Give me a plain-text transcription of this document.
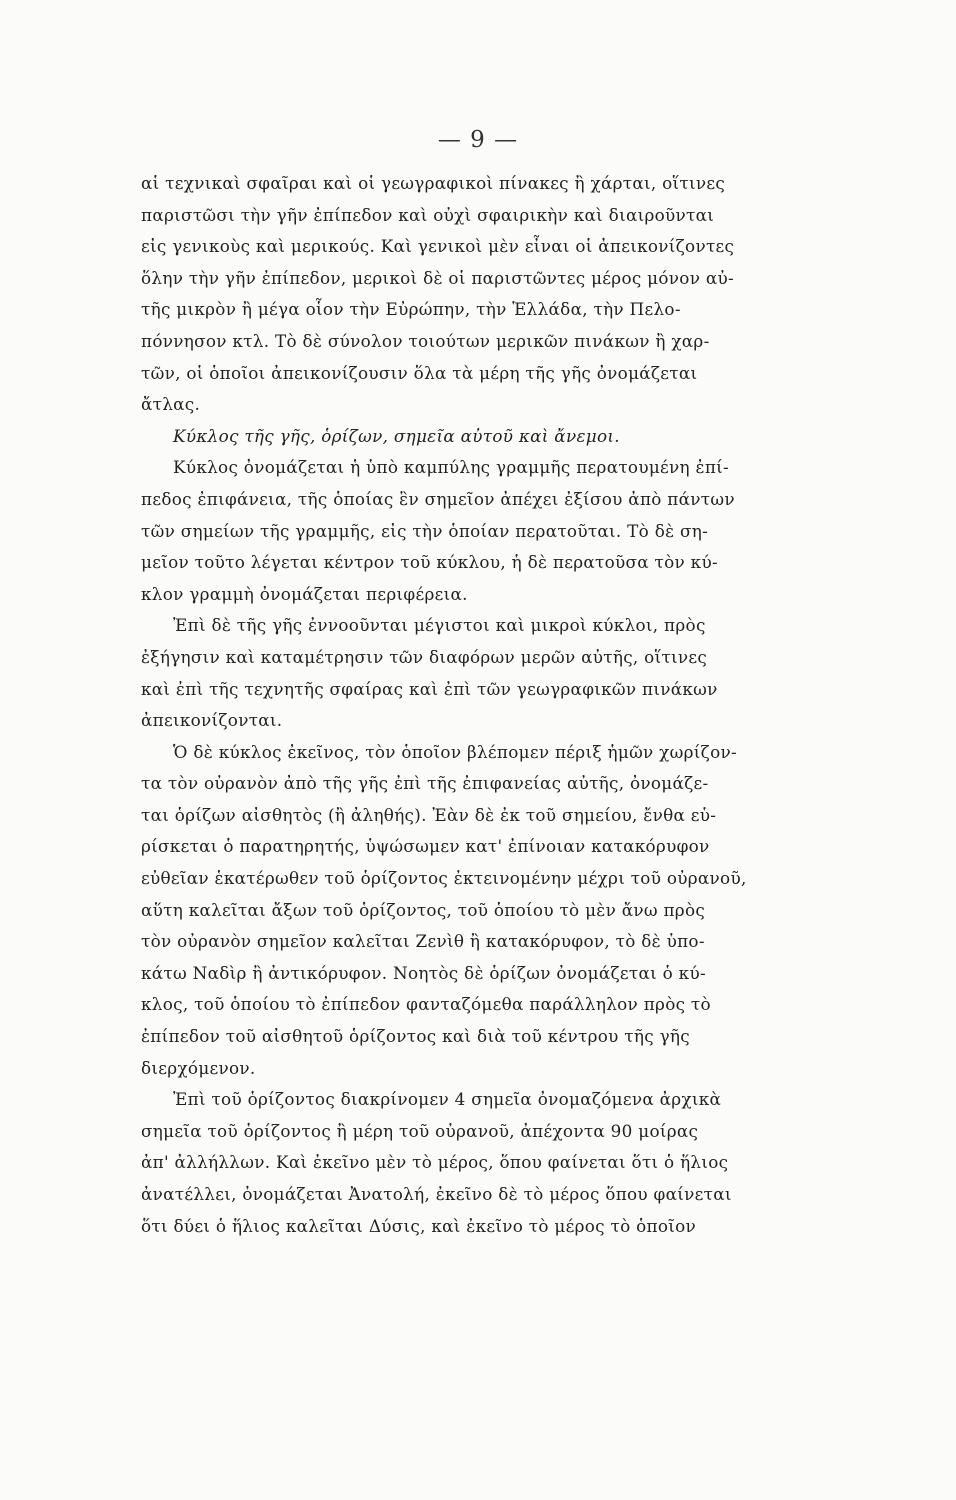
— 9 —
αἱ τεχνικαὶ σφαῖραι καὶ οἱ γεωγραφικοὶ πίνακες ἢ χάρται, οἵτινες
παριστῶσι τὴν γῆν ἐπίπεδον καὶ οὐχὶ σφαιρικὴν καὶ διαιροῦνται
εἰς γενικοὺς καὶ μερικούς. Καὶ γενικοὶ μὲν εἶναι οἱ ἀπεικονίζοντες
ὅλην τὴν γῆν ἐπίπεδον, μερικοὶ δὲ οἱ παριστῶντες μέρος μόνον αὐ-
τῆς μικρὸν ἢ μέγα οἷον τὴν Εὐρώπην, τὴν Ἑλλάδα, τὴν Πελο-
πόννησον κτλ. Τὸ δὲ σύνολον τοιούτων μερικῶν πινάκων ἢ χαρ-
τῶν, οἱ ὁποῖοι ἀπεικονίζουσιν ὅλα τὰ μέρη τῆς γῆς ὀνομάζεται
ἄτλας.
Κύκλος τῆς γῆς, ὁρίζων, σημεῖα αὐτοῦ καὶ ἄνεμοι.
Κύκλος ὀνομάζεται ἡ ὑπὸ καμπύλης γραμμῆς περατουμένη ἐπί-
πεδος ἐπιφάνεια, τῆς ὁποίας ἓν σημεῖον ἀπέχει ἐξίσου ἀπὸ πάντων
τῶν σημείων τῆς γραμμῆς, εἰς τὴν ὁποίαν περατοῦται. Τὸ δὲ ση-
μεῖον τοῦτο λέγεται κέντρον τοῦ κύκλου, ἡ δὲ περατοῦσα τὸν κύ-
κλον γραμμὴ ὀνομάζεται περιφέρεια.
Ἐπὶ δὲ τῆς γῆς ἐννοοῦνται μέγιστοι καὶ μικροὶ κύκλοι, πρὸς
ἐξήγησιν καὶ καταμέτρησιν τῶν διαφόρων μερῶν αὐτῆς, οἵτινες
καὶ ἐπὶ τῆς τεχνητῆς σφαίρας καὶ ἐπὶ τῶν γεωγραφικῶν πινάκων
ἀπεικονίζονται.
Ὁ δὲ κύκλος ἐκεῖνος, τὸν ὁποῖον βλέπομεν πέριξ ἡμῶν χωρίζον-
τα τὸν οὐρανὸν ἀπὸ τῆς γῆς ἐπὶ τῆς ἐπιφανείας αὐτῆς, ὀνομάζε-
ται ὁρίζων αἰσθητὸς (ἢ ἀληθής). Ἐὰν δὲ ἐκ τοῦ σημείου, ἔνθα εὑ-
ρίσκεται ὁ παρατηρητής, ὑψώσωμεν κατ' ἐπίνοιαν κατακόρυφον
εὐθεῖαν ἑκατέρωθεν τοῦ ὁρίζοντος ἐκτεινομένην μέχρι τοῦ οὐρανοῦ,
αὕτη καλεῖται ἄξων τοῦ ὁρίζοντος, τοῦ ὁποίου τὸ μὲν ἄνω πρὸς
τὸν οὐρανὸν σημεῖον καλεῖται Ζενὶθ ἢ κατακόρυφον, τὸ δὲ ὑπο-
κάτω Ναδὶρ ἢ ἀντικόρυφον. Νοητὸς δὲ ὁρίζων ὀνομάζεται ὁ κύ-
κλος, τοῦ ὁποίου τὸ ἐπίπεδον φανταζόμεθα παράλληλον πρὸς τὸ
ἐπίπεδον τοῦ αἰσθητοῦ ὁρίζοντος καὶ διὰ τοῦ κέντρου τῆς γῆς
διερχόμενον.
Ἐπὶ τοῦ ὁρίζοντος διακρίνομεν 4 σημεῖα ὀνομαζόμενα ἀρχικὰ
σημεῖα τοῦ ὁρίζοντος ἢ μέρη τοῦ οὐρανοῦ, ἀπέχοντα 90 μοίρας
ἀπ' ἀλλήλλων. Καὶ ἐκεῖνο μὲν τὸ μέρος, ὅπου φαίνεται ὅτι ὁ ἥλιος
ἀνατέλλει, ὀνομάζεται Ἀνατολή, ἐκεῖνο δὲ τὸ μέρος ὅπου φαίνεται
ὅτι δύει ὁ ἥλιος καλεῖται Δύσις, καὶ ἐκεῖνο τὸ μέρος τὸ ὁποῖον
